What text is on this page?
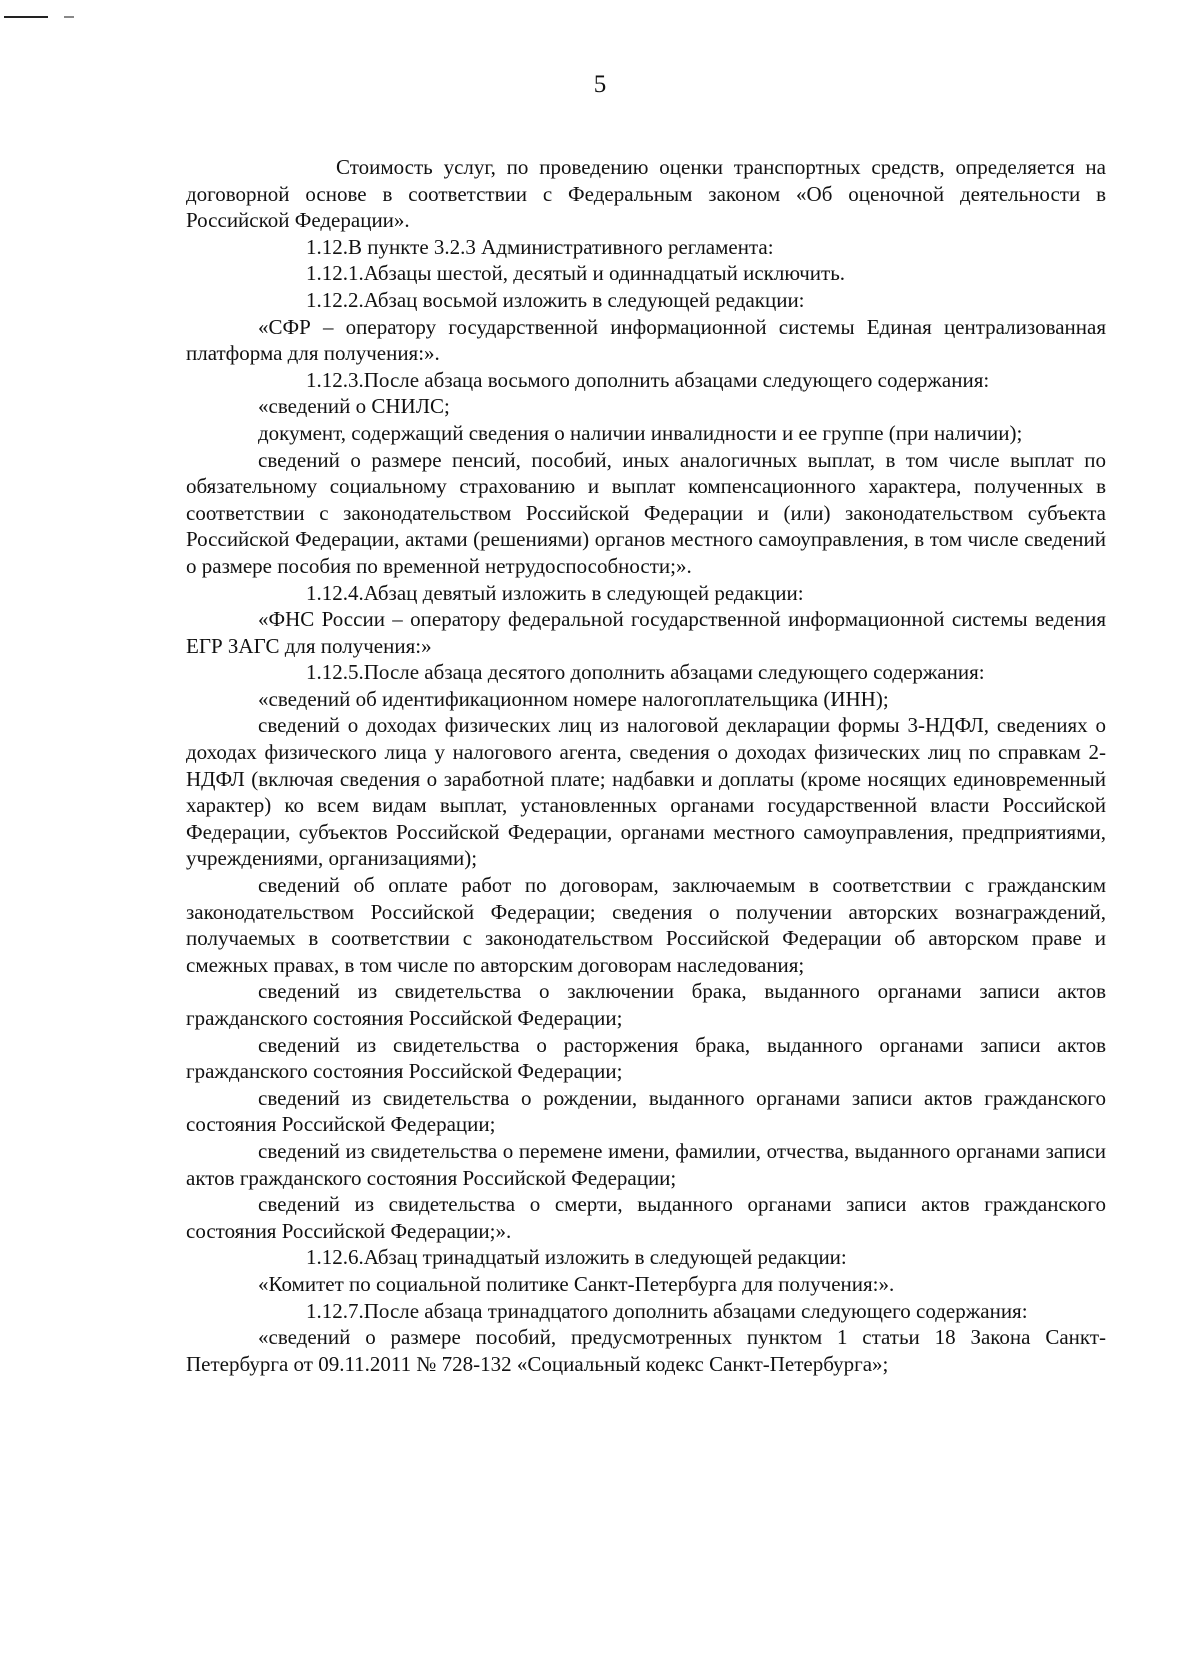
5

Стоимость услуг, по проведению оценки транспортных средств, определяется на договорной основе в соответствии с Федеральным законом «Об оценочной деятельности в Российской Федерации».

1.12.В пункте 3.2.3 Административного регламента:

1.12.1.Абзацы шестой, десятый и одиннадцатый исключить.

1.12.2.Абзац восьмой изложить в следующей редакции:

«СФР – оператору государственной информационной системы Единая централизованная платформа для получения:».

1.12.3.После абзаца восьмого дополнить абзацами следующего содержания:

«сведений о СНИЛС;

документ, содержащий сведения о наличии инвалидности и ее группе (при наличии);

сведений о размере пенсий, пособий, иных аналогичных выплат, в том числе выплат по обязательному социальному страхованию и выплат компенсационного характера, полученных в соответствии с законодательством Российской Федерации и (или) законодательством субъекта Российской Федерации, актами (решениями) органов местного самоуправления, в том числе сведений о размере пособия по временной нетрудоспособности;».

1.12.4.Абзац девятый изложить в следующей редакции:

«ФНС России – оператору федеральной государственной информационной системы ведения ЕГР ЗАГС для получения:»

1.12.5.После абзаца десятого дополнить абзацами следующего содержания:

«сведений об идентификационном номере налогоплательщика (ИНН);

сведений о доходах физических лиц из налоговой декларации формы 3-НДФЛ, сведениях о доходах физического лица у налогового агента, сведения о доходах физических лиц по справкам 2-НДФЛ (включая сведения о заработной плате; надбавки и доплаты (кроме носящих единовременный характер) ко всем видам выплат, установленных органами государственной власти Российской Федерации, субъектов Российской Федерации, органами местного самоуправления, предприятиями, учреждениями, организациями);

сведений об оплате работ по договорам, заключаемым в соответствии с гражданским законодательством Российской Федерации; сведения о получении авторских вознаграждений, получаемых в соответствии с законодательством Российской Федерации об авторском праве и смежных правах, в том числе по авторским договорам наследования;

сведений из свидетельства о заключении брака, выданного органами записи актов гражданского состояния Российской Федерации;

сведений из свидетельства о расторжения брака, выданного органами записи актов гражданского состояния Российской Федерации;

сведений из свидетельства о рождении, выданного органами записи актов гражданского состояния Российской Федерации;

сведений из свидетельства о перемене имени, фамилии, отчества, выданного органами записи актов гражданского состояния Российской Федерации;

сведений из свидетельства о смерти, выданного органами записи актов гражданского состояния Российской Федерации;».

1.12.6.Абзац тринадцатый изложить в следующей редакции:

«Комитет по социальной политике Санкт-Петербурга для получения:».

1.12.7.После абзаца тринадцатого дополнить абзацами следующего содержания:

«сведений о размере пособий, предусмотренных пунктом 1 статьи 18 Закона Санкт-Петербурга от 09.11.2011 № 728-132 «Социальный кодекс Санкт-Петербурга»;
